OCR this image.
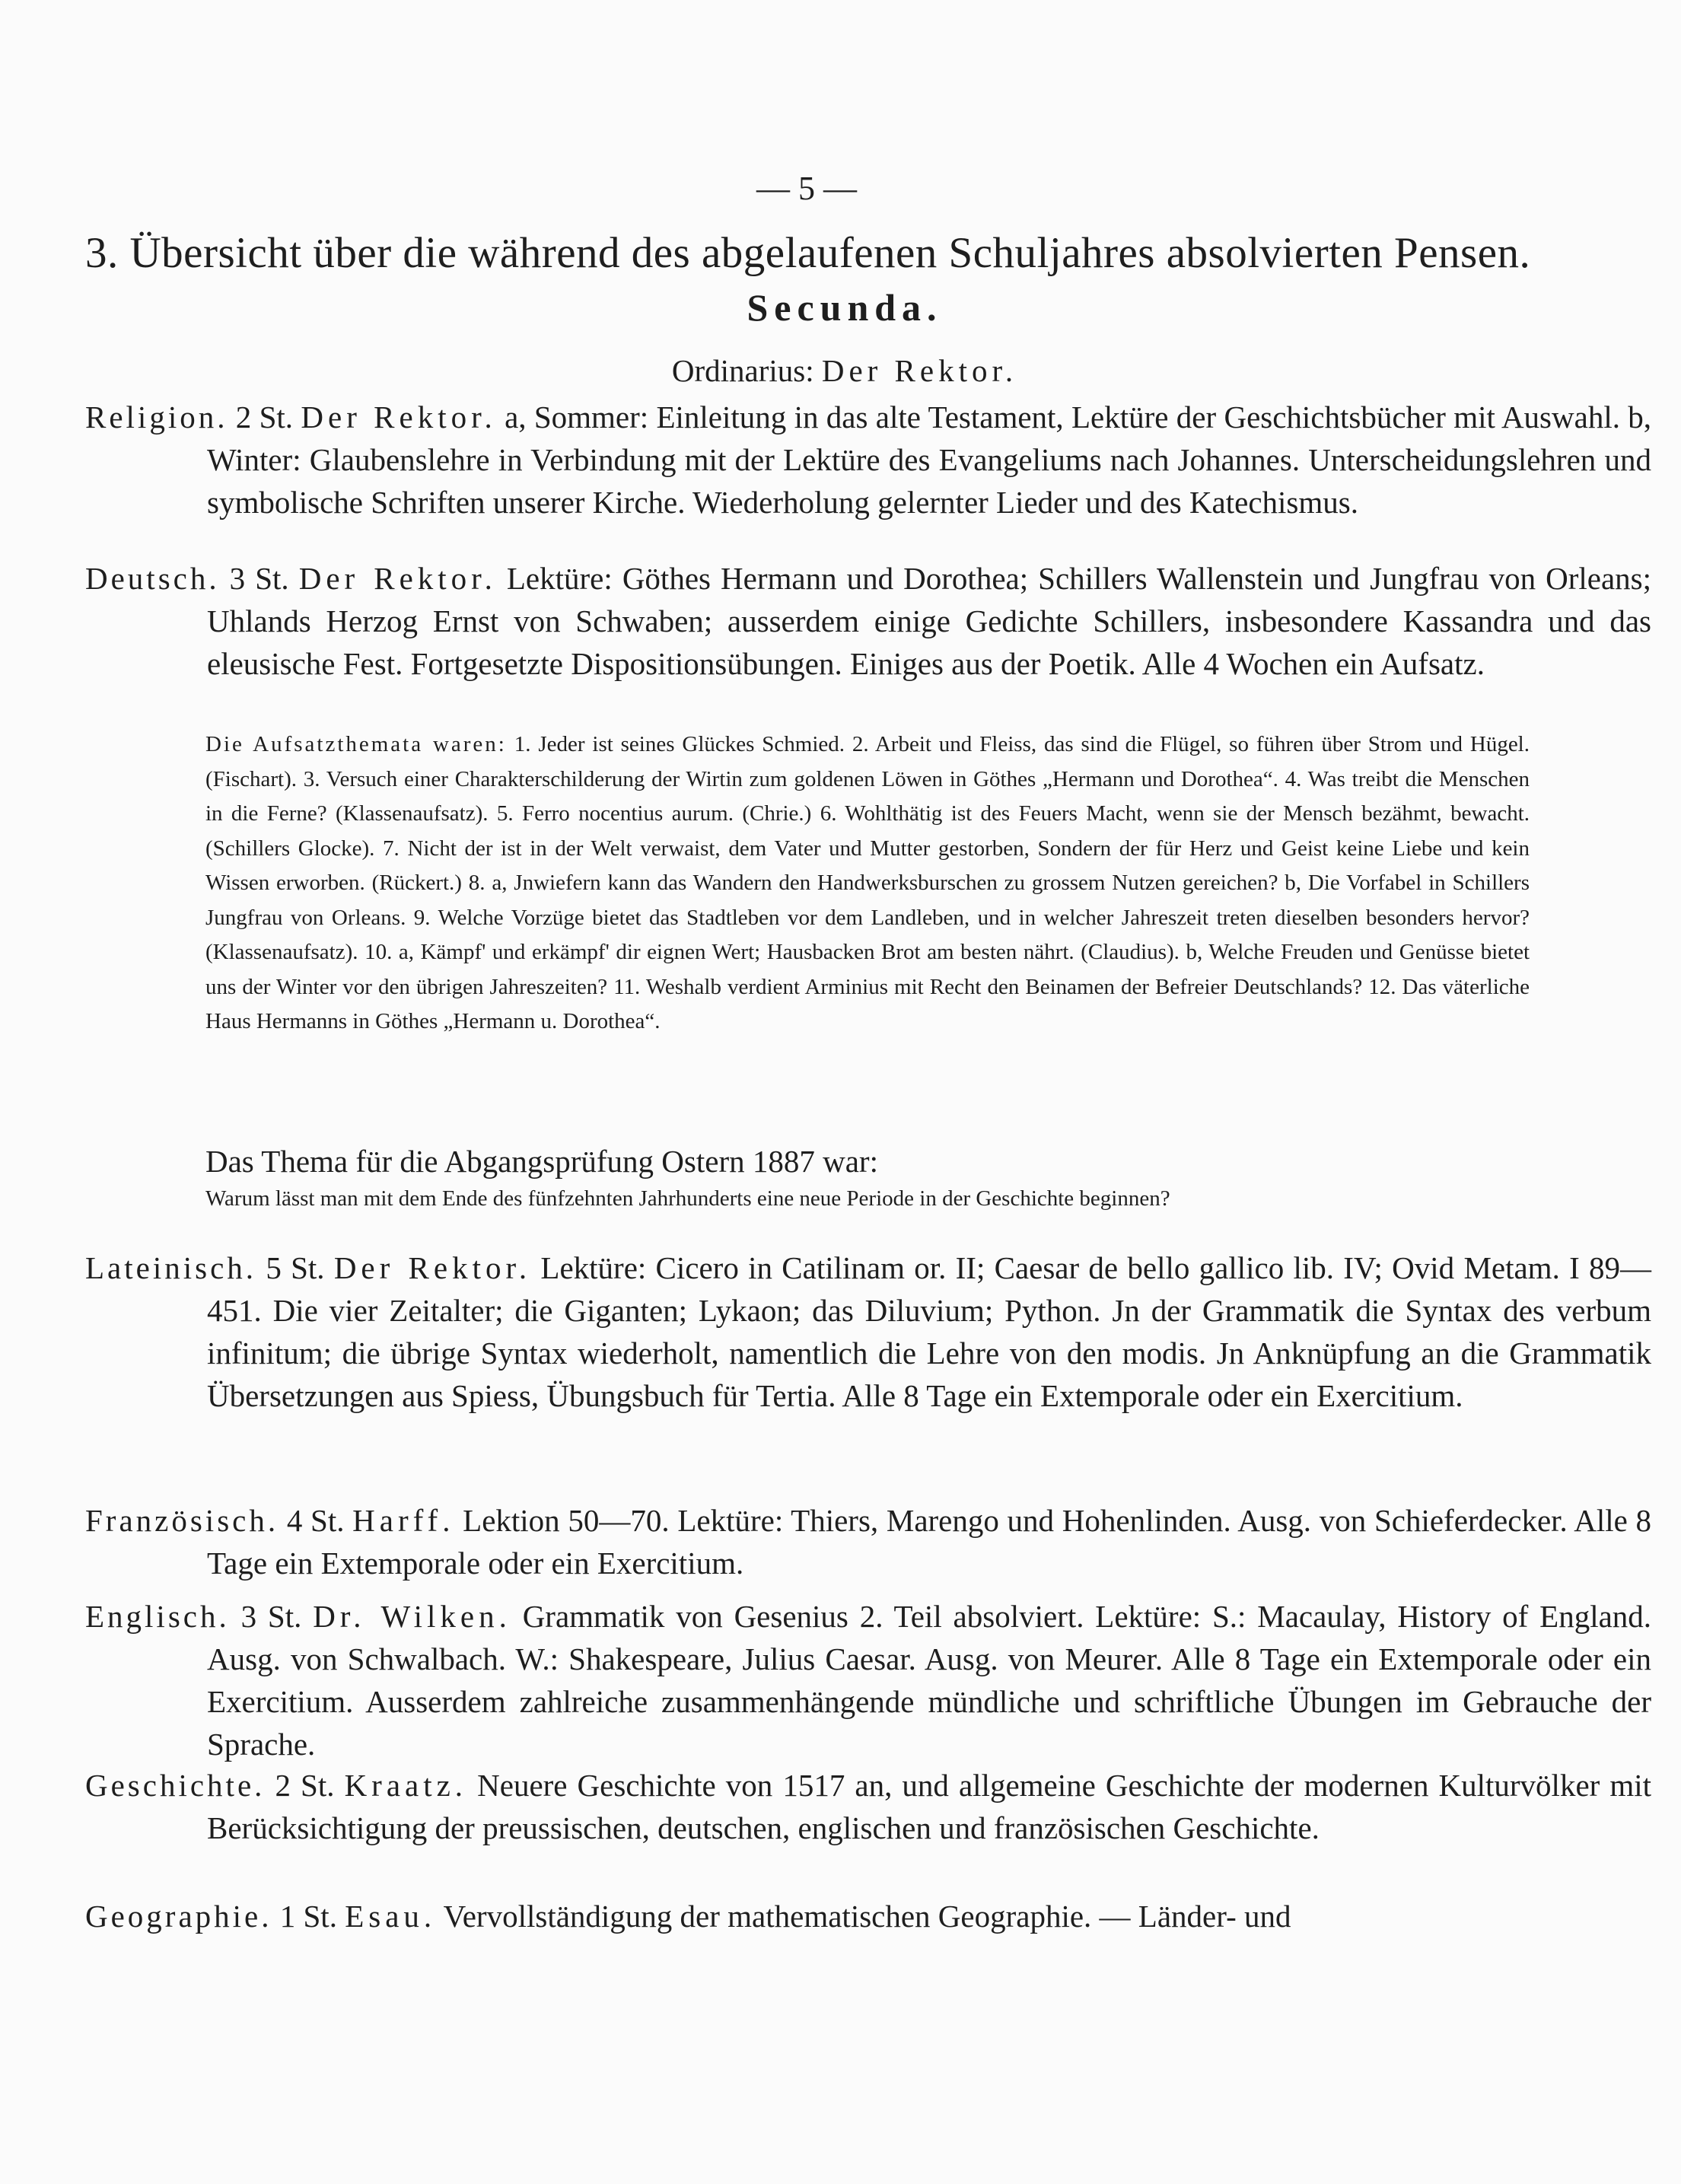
— 5 —
3. Übersicht über die während des abgelaufenen Schuljahres absolvierten Pensen.
Secunda.
Ordinarius: Der Rektor.
Religion. 2 St. Der Rektor. a, Sommer: Einleitung in das alte Testament, Lektüre der Geschichtsbücher mit Auswahl. b, Winter: Glaubenslehre in Verbindung mit der Lektüre des Evangeliums nach Johannes. Unterscheidungslehren und symbolische Schriften unserer Kirche. Wiederholung gelernter Lieder und des Katechismus.
Deutsch. 3 St. Der Rektor. Lektüre: Göthes Hermann und Dorothea; Schillers Wallenstein und Jungfrau von Orleans; Uhlands Herzog Ernst von Schwaben; ausserdem einige Gedichte Schillers, insbesondere Kassandra und das eleusische Fest. Fortgesetzte Dispositionsübungen. Einiges aus der Poetik. Alle 4 Wochen ein Aufsatz.
Die Aufsatzthemata waren: 1. Jeder ist seines Glückes Schmied. 2. Arbeit und Fleiss, das sind die Flügel, so führen über Strom und Hügel. (Fischart). 3. Versuch einer Charakterschilderung der Wirtin zum goldenen Löwen in Göthes „Hermann und Dorothea“. 4. Was treibt die Menschen in die Ferne? (Klassenaufsatz). 5. Ferro nocentius aurum. (Chrie.) 6. Wohlthätig ist des Feuers Macht, wenn sie der Mensch bezähmt, bewacht. (Schillers Glocke). 7. Nicht der ist in der Welt verwaist, dem Vater und Mutter gestorben, Sondern der für Herz und Geist keine Liebe und kein Wissen erworben. (Rückert.) 8. a, Jnwiefern kann das Wandern den Handwerksburschen zu grossem Nutzen gereichen? b, Die Vorfabel in Schillers Jungfrau von Orleans. 9. Welche Vorzüge bietet das Stadtleben vor dem Landleben, und in welcher Jahreszeit treten dieselben besonders hervor? (Klassenaufsatz). 10. a, Kämpf' und erkämpf' dir eignen Wert; Hausbacken Brot am besten nährt. (Claudius). b, Welche Freuden und Genüsse bietet uns der Winter vor den übrigen Jahreszeiten? 11. Weshalb verdient Arminius mit Recht den Beinamen der Befreier Deutschlands? 12. Das väterliche Haus Hermanns in Göthes „Hermann u. Dorothea“.
Das Thema für die Abgangsprüfung Ostern 1887 war:
Warum lässt man mit dem Ende des fünfzehnten Jahrhunderts eine neue Periode in der Geschichte beginnen?
Lateinisch. 5 St. Der Rektor. Lektüre: Cicero in Catilinam or. II; Caesar de bello gallico lib. IV; Ovid Metam. I 89—451. Die vier Zeitalter; die Giganten; Lykaon; das Diluvium; Python. Jn der Grammatik die Syntax des verbum infinitum; die übrige Syntax wiederholt, namentlich die Lehre von den modis. Jn Anknüpfung an die Grammatik Übersetzungen aus Spiess, Übungsbuch für Tertia. Alle 8 Tage ein Extemporale oder ein Exercitium.
Französisch. 4 St. Harff. Lektion 50—70. Lektüre: Thiers, Marengo und Hohenlinden. Ausg. von Schieferdecker. Alle 8 Tage ein Extemporale oder ein Exercitium.
Englisch. 3 St. Dr. Wilken. Grammatik von Gesenius 2. Teil absolviert. Lektüre: S.: Macaulay, History of England. Ausg. von Schwalbach. W.: Shakespeare, Julius Caesar. Ausg. von Meurer. Alle 8 Tage ein Extemporale oder ein Exercitium. Ausserdem zahlreiche zusammenhängende mündliche und schriftliche Übungen im Gebrauche der Sprache.
Geschichte. 2 St. Kraatz. Neuere Geschichte von 1517 an, und allgemeine Geschichte der modernen Kulturvölker mit Berücksichtigung der preussischen, deutschen, englischen und französischen Geschichte.
Geographie. 1 St. Esau. Vervollständigung der mathematischen Geographie. — Länder- und
